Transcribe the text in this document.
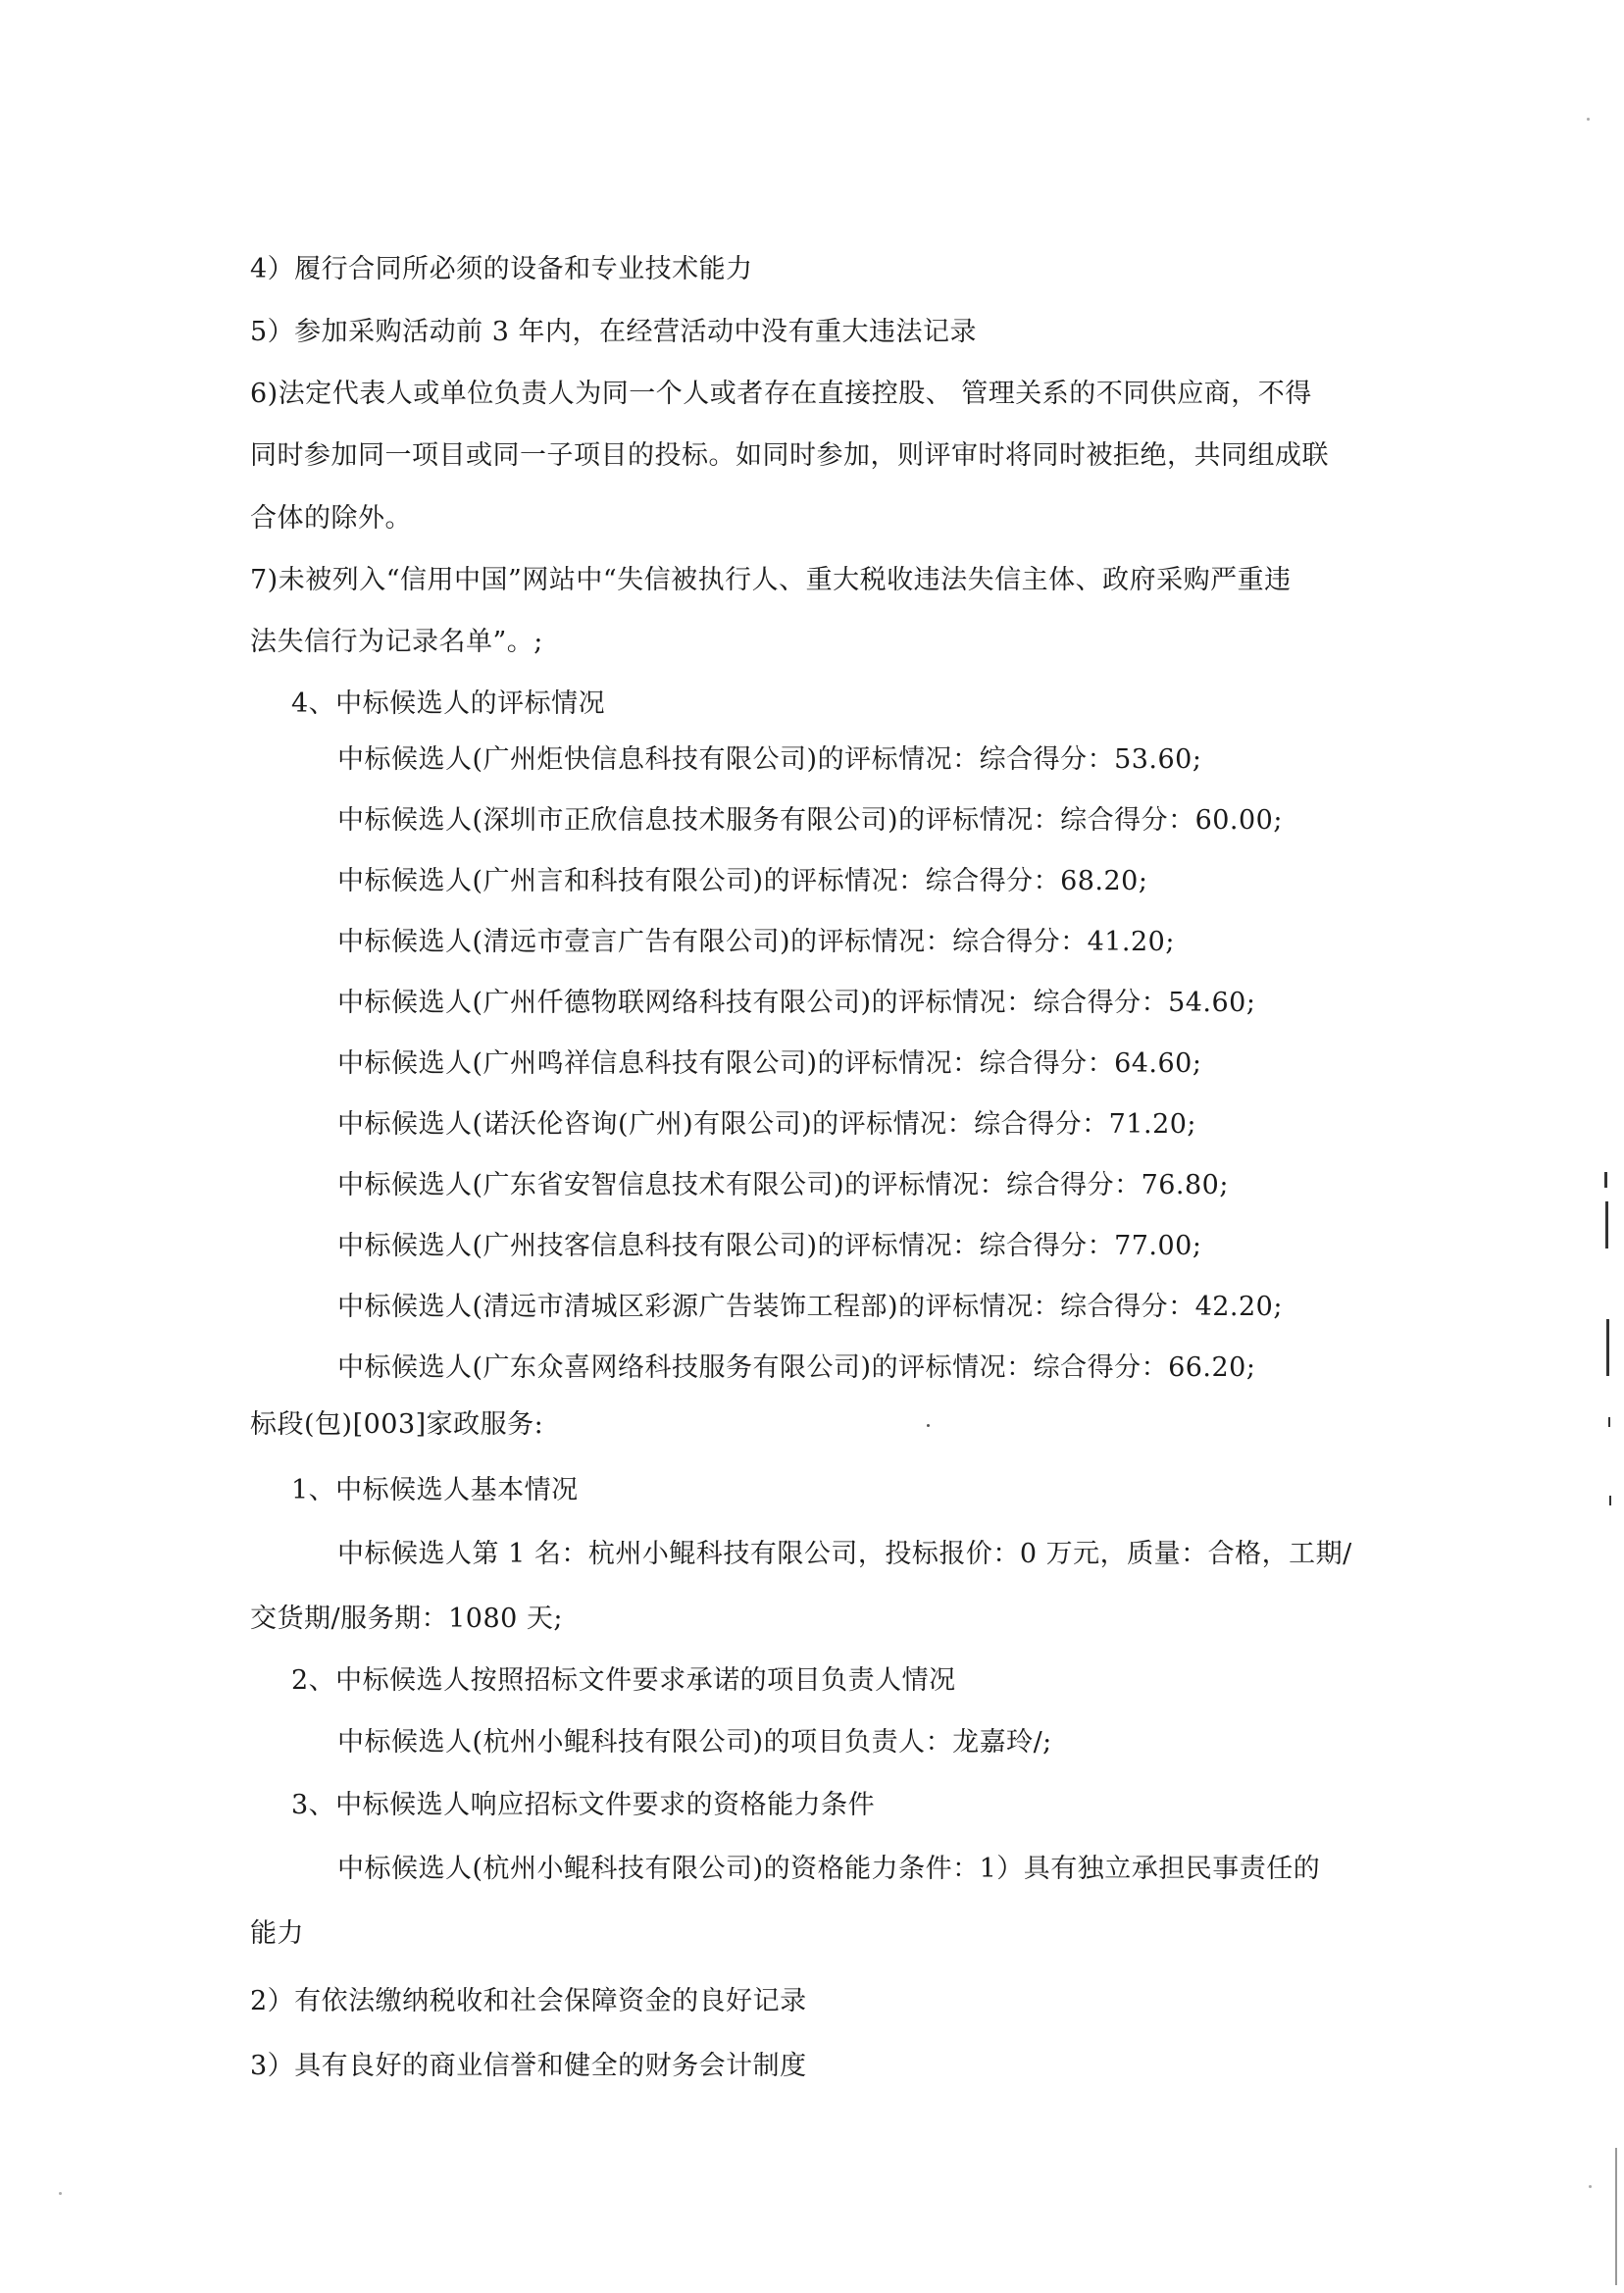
4）履行合同所必须的设备和专业技术能力
5）参加采购活动前 3 年内，在经营活动中没有重大违法记录
6)法定代表人或单位负责人为同一个人或者存在直接控股、 管理关系的不同供应商，不得
同时参加同一项目或同一子项目的投标。如同时参加，则评审时将同时被拒绝，共同组成联
合体的除外。
7)未被列入“信用中国”网站中“失信被执行人、重大税收违法失信主体、政府采购严重违
法失信行为记录名单”。;
4、中标候选人的评标情况
中标候选人(广州炬快信息科技有限公司)的评标情况：综合得分：53.60;
中标候选人(深圳市正欣信息技术服务有限公司)的评标情况：综合得分：60.00;
中标候选人(广州言和科技有限公司)的评标情况：综合得分：68.20;
中标候选人(清远市壹言广告有限公司)的评标情况：综合得分：41.20;
中标候选人(广州仟德物联网络科技有限公司)的评标情况：综合得分：54.60;
中标候选人(广州鸣祥信息科技有限公司)的评标情况：综合得分：64.60;
中标候选人(诺沃伦咨询(广州)有限公司)的评标情况：综合得分：71.20;
中标候选人(广东省安智信息技术有限公司)的评标情况：综合得分：76.80;
中标候选人(广州技客信息科技有限公司)的评标情况：综合得分：77.00;
中标候选人(清远市清城区彩源广告装饰工程部)的评标情况：综合得分：42.20;
中标候选人(广东众喜网络科技服务有限公司)的评标情况：综合得分：66.20;
标段(包)[003]家政服务:
1、中标候选人基本情况
中标候选人第 1 名：杭州小鲲科技有限公司，投标报价：0 万元，质量：合格，工期/
交货期/服务期：1080 天;
2、中标候选人按照招标文件要求承诺的项目负责人情况
中标候选人(杭州小鲲科技有限公司)的项目负责人：龙嘉玲/;
3、中标候选人响应招标文件要求的资格能力条件
中标候选人(杭州小鲲科技有限公司)的资格能力条件：1）具有独立承担民事责任的
能力
2）有依法缴纳税收和社会保障资金的良好记录
3）具有良好的商业信誉和健全的财务会计制度
